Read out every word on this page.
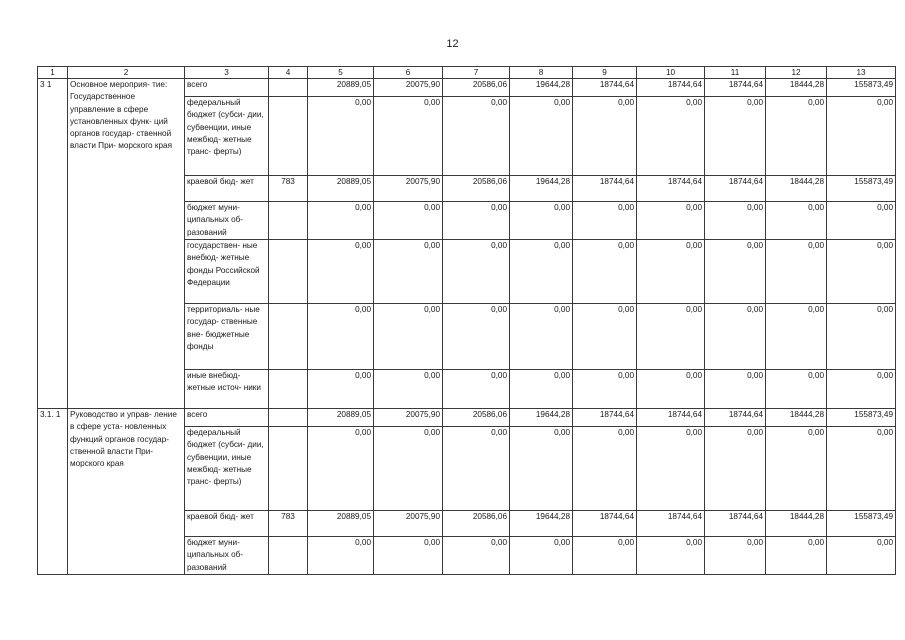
12
1	2	3	4	5	6	7	8	9	10	11	12	13
3 1	Основное мероприя- тие: Государственное управление в сфере установленных функ- ций органов государ- ственной власти При- морского края	всего		20889,05	20075,90	20586,06	19644,28	18744,64	18744,64	18744,64	18444,28	155873,49
		федеральный бюджет (субси- дии, субвенции, иные межбюд- жетные транс- ферты)		0,00	0,00	0,00	0,00	0,00	0,00	0,00	0,00	0,00
		краевой бюд- жет	783	20889,05	20075,90	20586,06	19644,28	18744,64	18744,64	18744,64	18444,28	155873,49
		бюджет муни- ципальных об- разований		0,00	0,00	0,00	0,00	0,00	0,00	0,00	0,00	0,00
		государствен- ные внебюд- жетные фонды Российской Федерации		0,00	0,00	0,00	0,00	0,00	0,00	0,00	0,00	0,00
		территориаль- ные государ- ственные вне- бюджетные фонды		0,00	0,00	0,00	0,00	0,00	0,00	0,00	0,00	0,00
		иные внебюд- жетные источ- ники		0,00	0,00	0,00	0,00	0,00	0,00	0,00	0,00	0,00
3.1. 1	Руководство и управ- ление в сфере уста- новленных функций органов государ- ственной власти При- морского края	всего		20889,05	20075,90	20586,06	19644,28	18744,64	18744,64	18744,64	18444,28	155873,49
		федеральный бюджет (субси- дии, субвенции, иные межбюд- жетные транс- ферты)		0,00	0,00	0,00	0,00	0,00	0,00	0,00	0,00	0,00
		краевой бюд- жет	783	20889,05	20075,90	20586,06	19644,28	18744,64	18744,64	18744,64	18444,28	155873,49
		бюджет муни- ципальных об- разований		0,00	0,00	0,00	0,00	0,00	0,00	0,00	0,00	0,00
